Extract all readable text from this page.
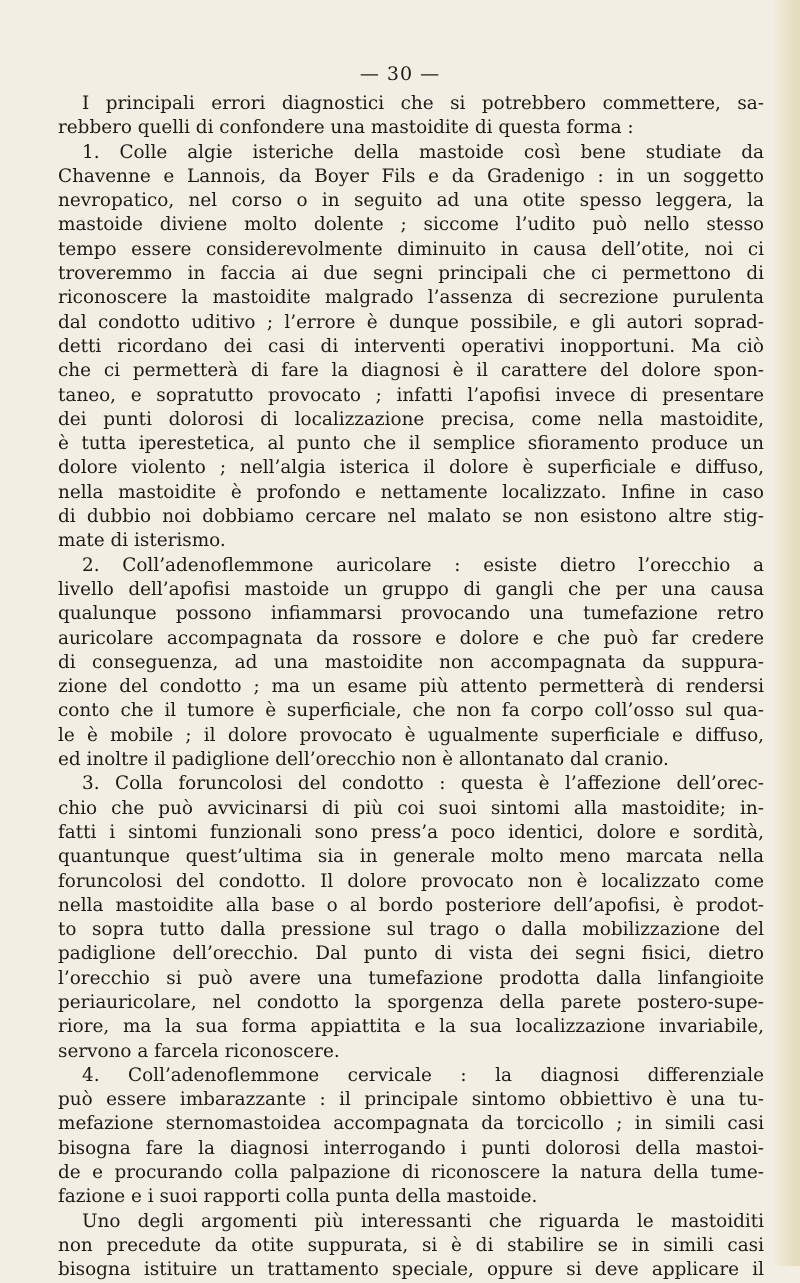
— 30 —
I principali errori diagnostici che si potrebbero commettere, sa-
rebbero quelli di confondere una mastoidite di questa forma :
1. Colle algie isteriche della mastoide così bene studiate da
Chavenne e Lannois, da Boyer Fils e da Gradenigo : in un soggetto
nevropatico, nel corso o in seguito ad una otite spesso leggera, la
mastoide diviene molto dolente ; siccome l’udito può nello stesso
tempo essere considerevolmente diminuito in causa dell’otite, noi ci
troveremmo in faccia ai due segni principali che ci permettono di
riconoscere la mastoidite malgrado l’assenza di secrezione purulenta
dal condotto uditivo ; l’errore è dunque possibile, e gli autori soprad-
detti ricordano dei casi di interventi operativi inopportuni. Ma ciò
che ci permetterà di fare la diagnosi è il carattere del dolore spon-
taneo, e sopratutto provocato ; infatti l’apofisi invece di presentare
dei punti dolorosi di localizzazione precisa, come nella mastoidite,
è tutta iperestetica, al punto che il semplice sfioramento produce un
dolore violento ; nell’algia isterica il dolore è superficiale e diffuso,
nella mastoidite è profondo e nettamente localizzato. Infine in caso
di dubbio noi dobbiamo cercare nel malato se non esistono altre stig-
mate di isterismo.
2. Coll’adenoflemmone auricolare : esiste dietro l’orecchio a
livello dell’apofisi mastoide un gruppo di gangli che per una causa
qualunque possono infiammarsi provocando una tumefazione retro
auricolare accompagnata da rossore e dolore e che può far credere
di conseguenza, ad una mastoidite non accompagnata da suppura-
zione del condotto ; ma un esame più attento permetterà di rendersi
conto che il tumore è superficiale, che non fa corpo coll’osso sul qua-
le è mobile ; il dolore provocato è ugualmente superficiale e diffuso,
ed inoltre il padiglione dell’orecchio non è allontanato dal cranio.
3. Colla foruncolosi del condotto : questa è l’affezione dell’orec-
chio che può avvicinarsi di più coi suoi sintomi alla mastoidite; in-
fatti i sintomi funzionali sono press’a poco identici, dolore e sordità,
quantunque quest’ultima sia in generale molto meno marcata nella
foruncolosi del condotto. Il dolore provocato non è localizzato come
nella mastoidite alla base o al bordo posteriore dell’apofisi, è prodot-
to sopra tutto dalla pressione sul trago o dalla mobilizzazione del
padiglione dell’orecchio. Dal punto di vista dei segni fisici, dietro
l’orecchio si può avere una tumefazione prodotta dalla linfangioite
periauricolare, nel condotto la sporgenza della parete postero-supe-
riore, ma la sua forma appiattita e la sua localizzazione invariabile,
servono a farcela riconoscere.
4. Coll’adenoflemmone cervicale : la diagnosi differenziale
può essere imbarazzante : il principale sintomo obbiettivo è una tu-
mefazione sternomastoidea accompagnata da torcicollo ; in simili casi
bisogna fare la diagnosi interrogando i punti dolorosi della mastoi-
de e procurando colla palpazione di riconoscere la natura della tume-
fazione e i suoi rapporti colla punta della mastoide.
Uno degli argomenti più interessanti che riguarda le mastoiditi
non precedute da otite suppurata, si è di stabilire se in simili casi
bisogna istituire un trattamento speciale, oppure si deve applicare il
